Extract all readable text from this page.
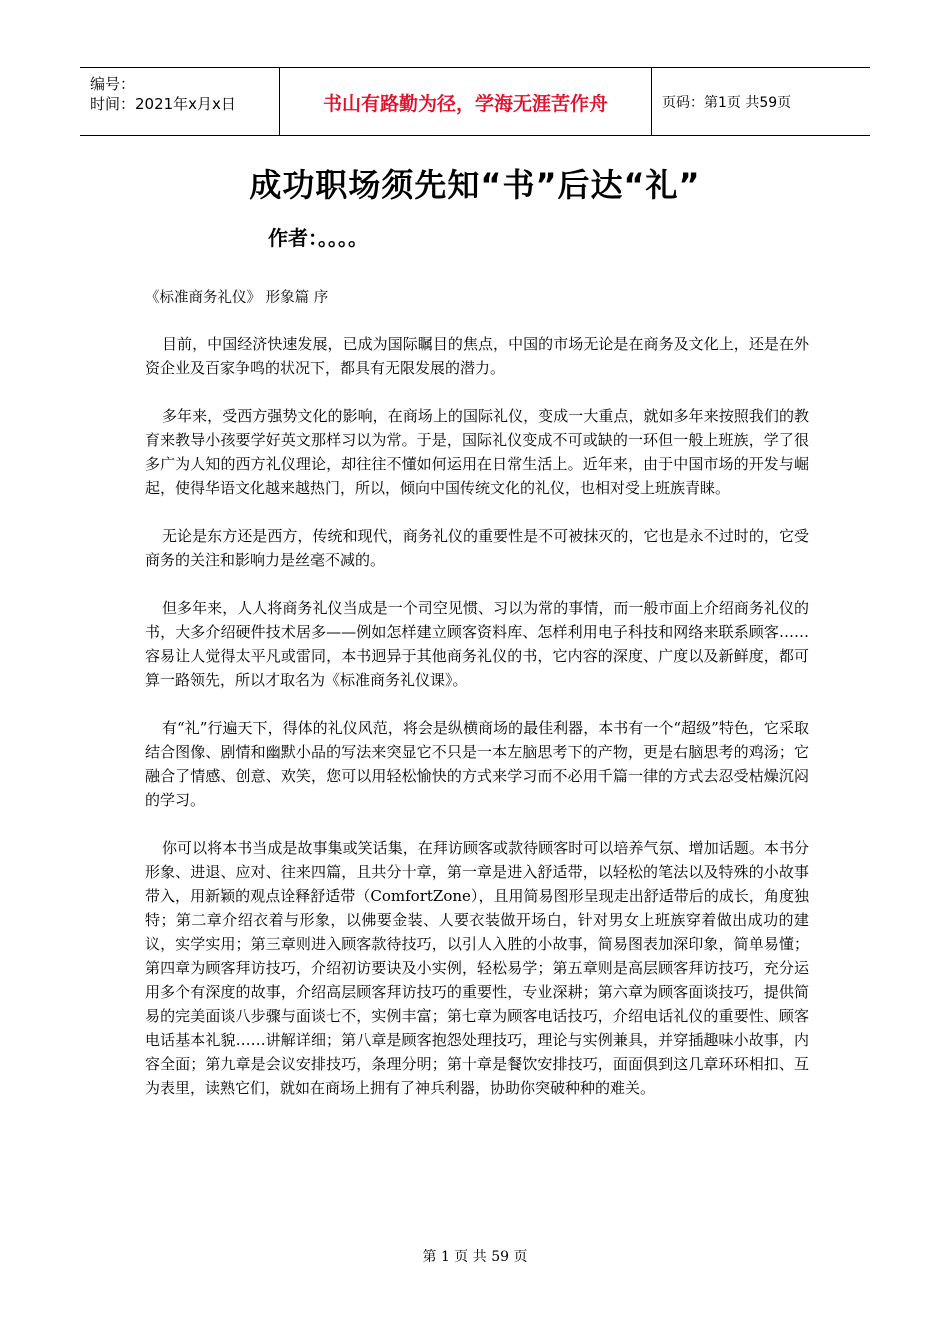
编号：
时间：2021年x月x日	书山有路勤为径，学海无涯苦作舟	页码：第1页 共59页
成功职场须先知“书”后达“礼”
作者：。。。。
《标准商务礼仪》 形象篇 序

目前，中国经济快速发展，已成为国际瞩目的焦点，中国的市场无论是在商务及文化上，还是在外资企业及百家争鸣的状况下，都具有无限发展的潜力。

多年来，受西方强势文化的影响，在商场上的国际礼仪，变成一大重点，就如多年来按照我们的教育来教导小孩要学好英文那样习以为常。于是，国际礼仪变成不可或缺的一环但一般上班族，学了很多广为人知的西方礼仪理论，却往往不懂如何运用在日常生活上。近年来，由于中国市场的开发与崛起，使得华语文化越来越热门，所以，倾向中国传统文化的礼仪，也相对受上班族青睐。

无论是东方还是西方，传统和现代，商务礼仪的重要性是不可被抹灭的，它也是永不过时的，它受商务的关注和影响力是丝毫不减的。

但多年来，人人将商务礼仪当成是一个司空见惯、习以为常的事情，而一般市面上介绍商务礼仪的书，大多介绍硬件技术居多——例如怎样建立顾客资料库、怎样利用电子科技和网络来联系顾客……容易让人觉得太平凡或雷同，本书迥异于其他商务礼仪的书，它内容的深度、广度以及新鲜度，都可算一路领先，所以才取名为《标准商务礼仪课》。

有“礼”行遍天下，得体的礼仪风范，将会是纵横商场的最佳利器，本书有一个“超级”特色，它采取结合图像、剧情和幽默小品的写法来突显它不只是一本左脑思考下的产物，更是右脑思考的鸡汤；它融合了情感、创意、欢笑，您可以用轻松愉快的方式来学习而不必用千篇一律的方式去忍受枯燥沉闷的学习。

你可以将本书当成是故事集或笑话集，在拜访顾客或款待顾客时可以培养气氛、增加话题。本书分形象、进退、应对、往来四篇，且共分十章，第一章是进入舒适带，以轻松的笔法以及特殊的小故事带入，用新颖的观点诠释舒适带（ComfortZone），且用简易图形呈现走出舒适带后的成长，角度独特；第二章介绍衣着与形象，以佛要金装、人要衣装做开场白，针对男女上班族穿着做出成功的建议，实学实用；第三章则进入顾客款待技巧，以引人入胜的小故事，简易图表加深印象，简单易懂；第四章为顾客拜访技巧，介绍初访要诀及小实例，轻松易学；第五章则是高层顾客拜访技巧，充分运用多个有深度的故事，介绍高层顾客拜访技巧的重要性，专业深耕；第六章为顾客面谈技巧，提供简易的完美面谈八步骤与面谈七不，实例丰富；第七章为顾客电话技巧，介绍电话礼仪的重要性、顾客电话基本礼貌……讲解详细；第八章是顾客抱怨处理技巧，理论与实例兼具，并穿插趣味小故事，内容全面；第九章是会议安排技巧，条理分明；第十章是餐饮安排技巧，面面俱到这几章环环相扣、互为表里，读熟它们，就如在商场上拥有了神兵利器，协助你突破种种的难关。

第 1 页 共 59 页
